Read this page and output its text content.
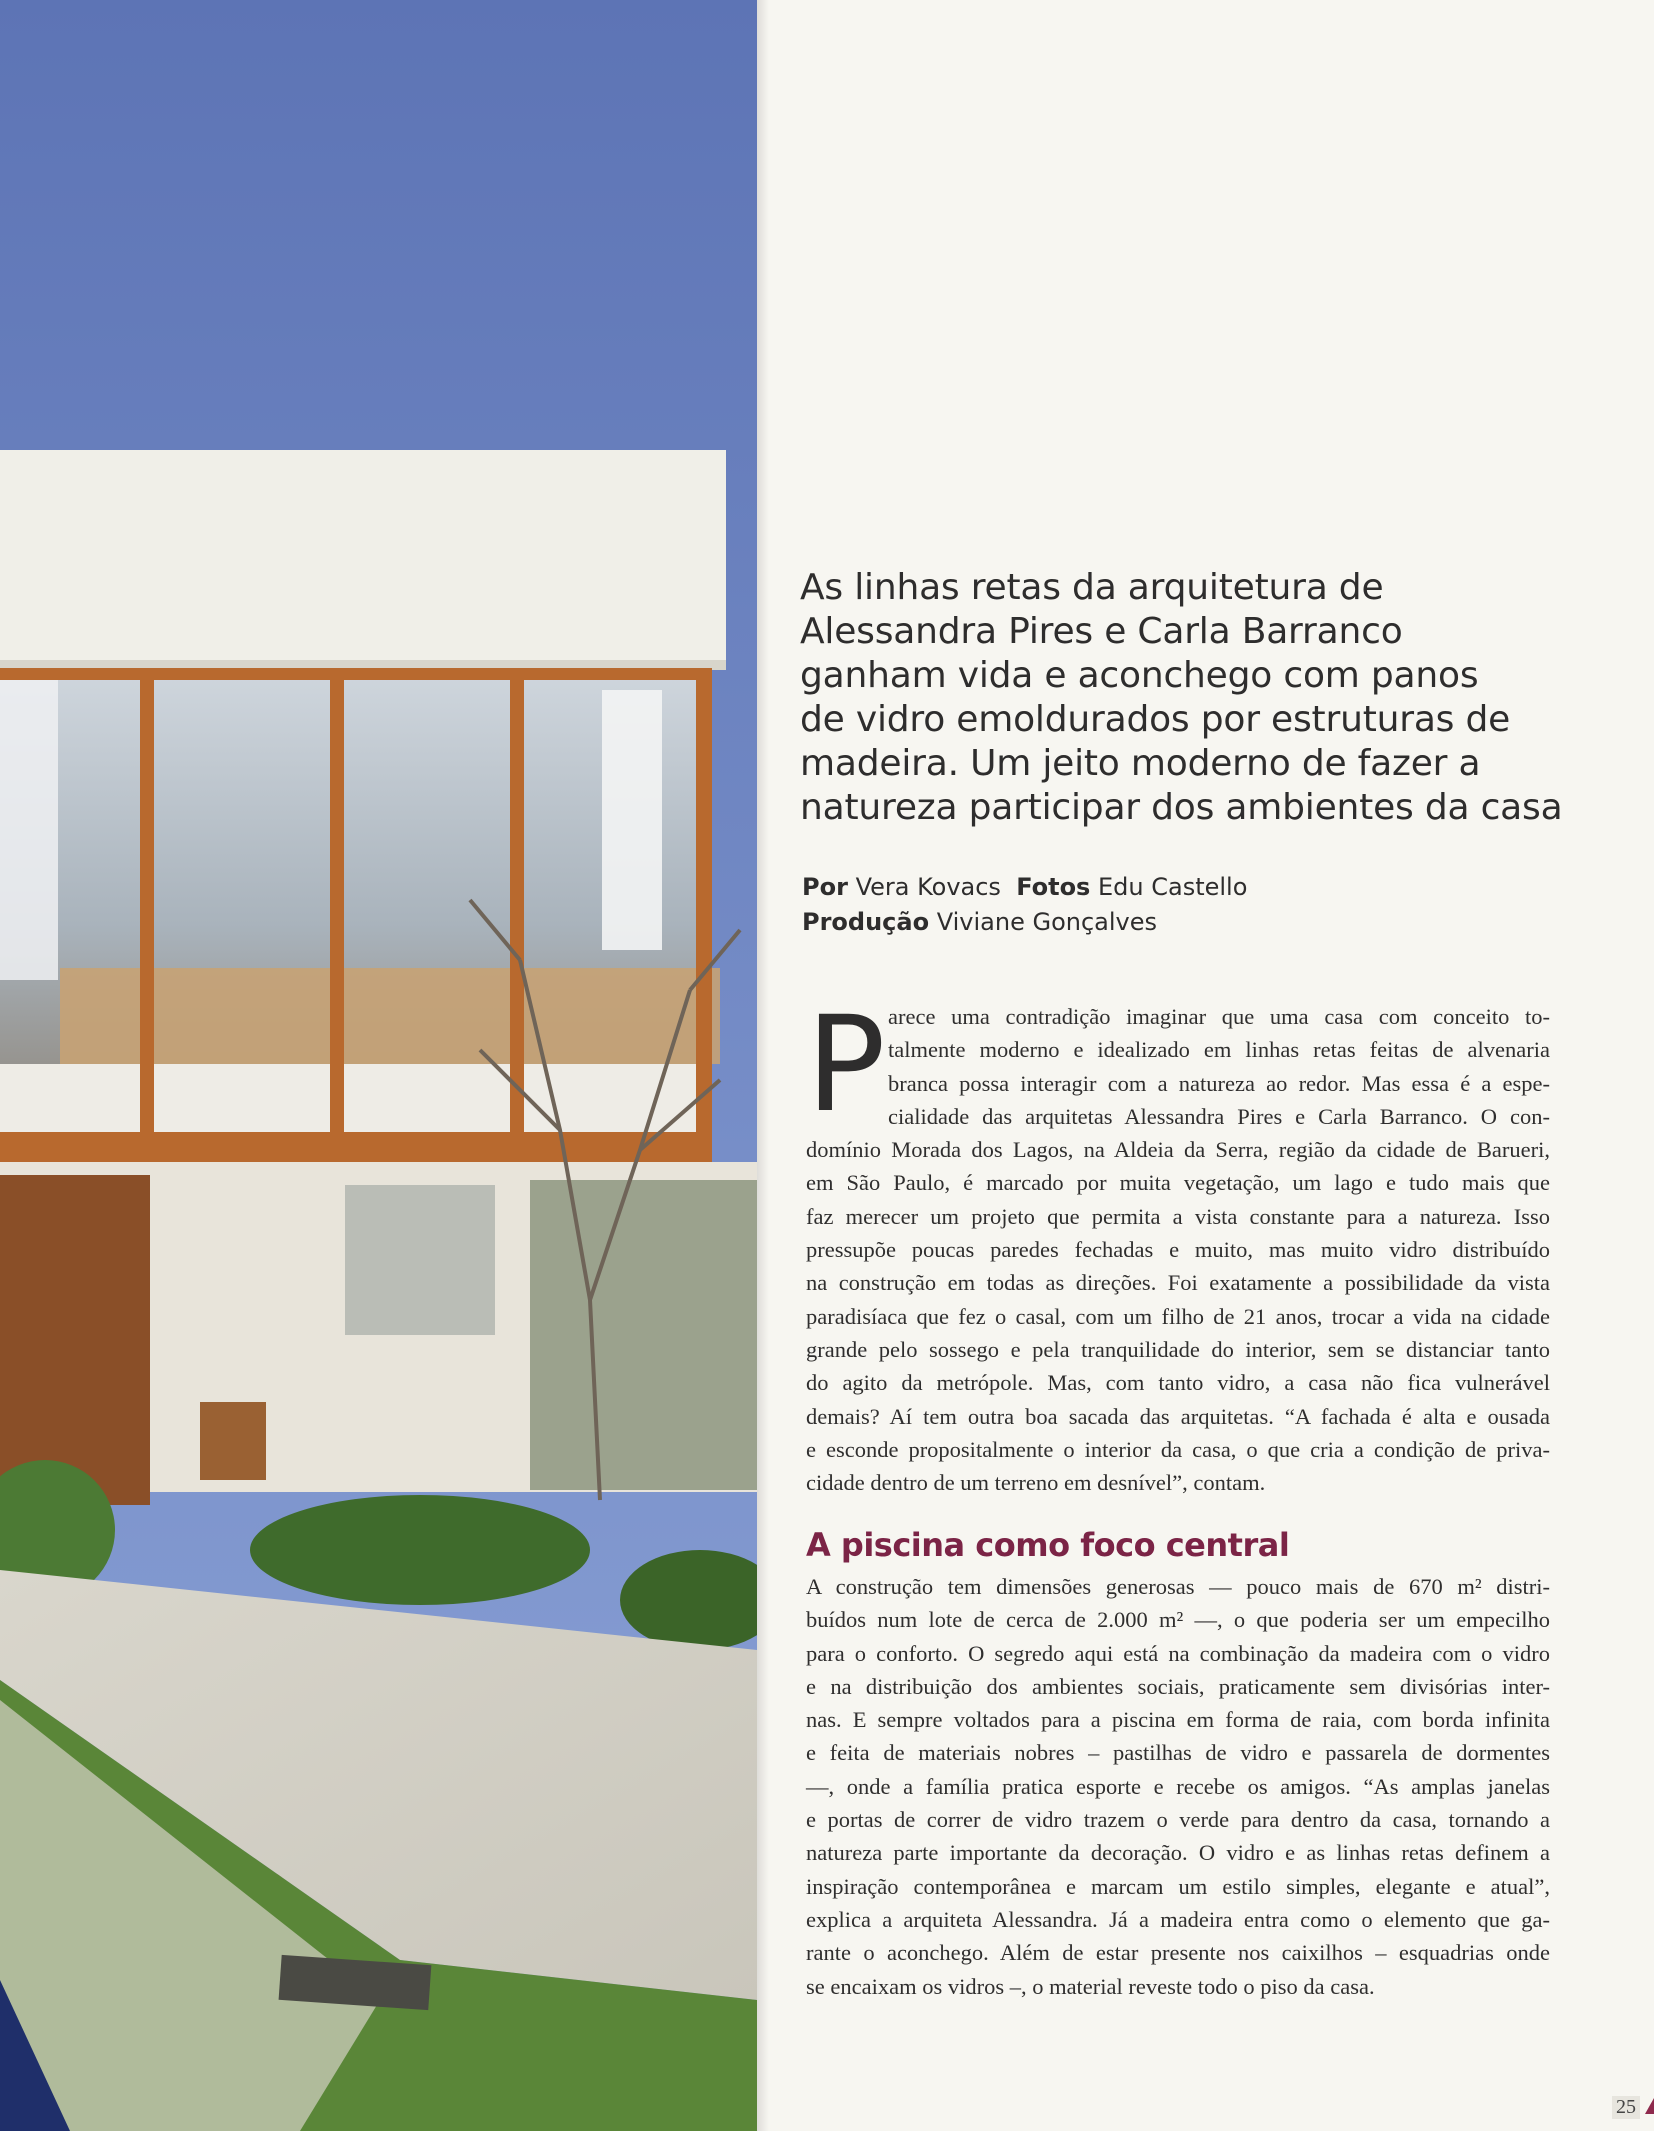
As linhas retas da arquitetura de
Alessandra Pires e Carla Barranco
ganham vida e aconchego com panos
de vidro emoldurados por estruturas de
madeira. Um jeito moderno de fazer a
natureza participar dos ambientes da casa
Por Vera Kovacs Fotos Edu Castello
Produção Viviane Gonçalves
P arece uma contradição imaginar que uma casa com conceito to-
talmente moderno e idealizado em linhas retas feitas de alvenaria
branca possa interagir com a natureza ao redor. Mas essa é a espe-
cialidade das arquitetas Alessandra Pires e Carla Barranco. O con-
domínio Morada dos Lagos, na Aldeia da Serra, região da cidade de Barueri,
em São Paulo, é marcado por muita vegetação, um lago e tudo mais que
faz merecer um projeto que permita a vista constante para a natureza. Isso
pressupõe poucas paredes fechadas e muito, mas muito vidro distribuído
na construção em todas as direções. Foi exatamente a possibilidade da vista
paradisíaca que fez o casal, com um filho de 21 anos, trocar a vida na cidade
grande pelo sossego e pela tranquilidade do interior, sem se distanciar tanto
do agito da metrópole. Mas, com tanto vidro, a casa não fica vulnerável
demais? Aí tem outra boa sacada das arquitetas. “A fachada é alta e ousada
e esconde propositalmente o interior da casa, o que cria a condição de priva-
cidade dentro de um terreno em desnível”, contam.
A piscina como foco central
A construção tem dimensões generosas — pouco mais de 670 m² distri-
buídos num lote de cerca de 2.000 m² —, o que poderia ser um empecilho
para o conforto. O segredo aqui está na combinação da madeira com o vidro
e na distribuição dos ambientes sociais, praticamente sem divisórias inter-
nas. E sempre voltados para a piscina em forma de raia, com borda infinita
e feita de materiais nobres – pastilhas de vidro e passarela de dormentes
—, onde a família pratica esporte e recebe os amigos. “As amplas janelas
e portas de correr de vidro trazem o verde para dentro da casa, tornando a
natureza parte importante da decoração. O vidro e as linhas retas definem a
inspiração contemporânea e marcam um estilo simples, elegante e atual”,
explica a arquiteta Alessandra. Já a madeira entra como o elemento que ga-
rante o aconchego. Além de estar presente nos caixilhos – esquadrias onde
se encaixam os vidros –, o material reveste todo o piso da casa.
25
